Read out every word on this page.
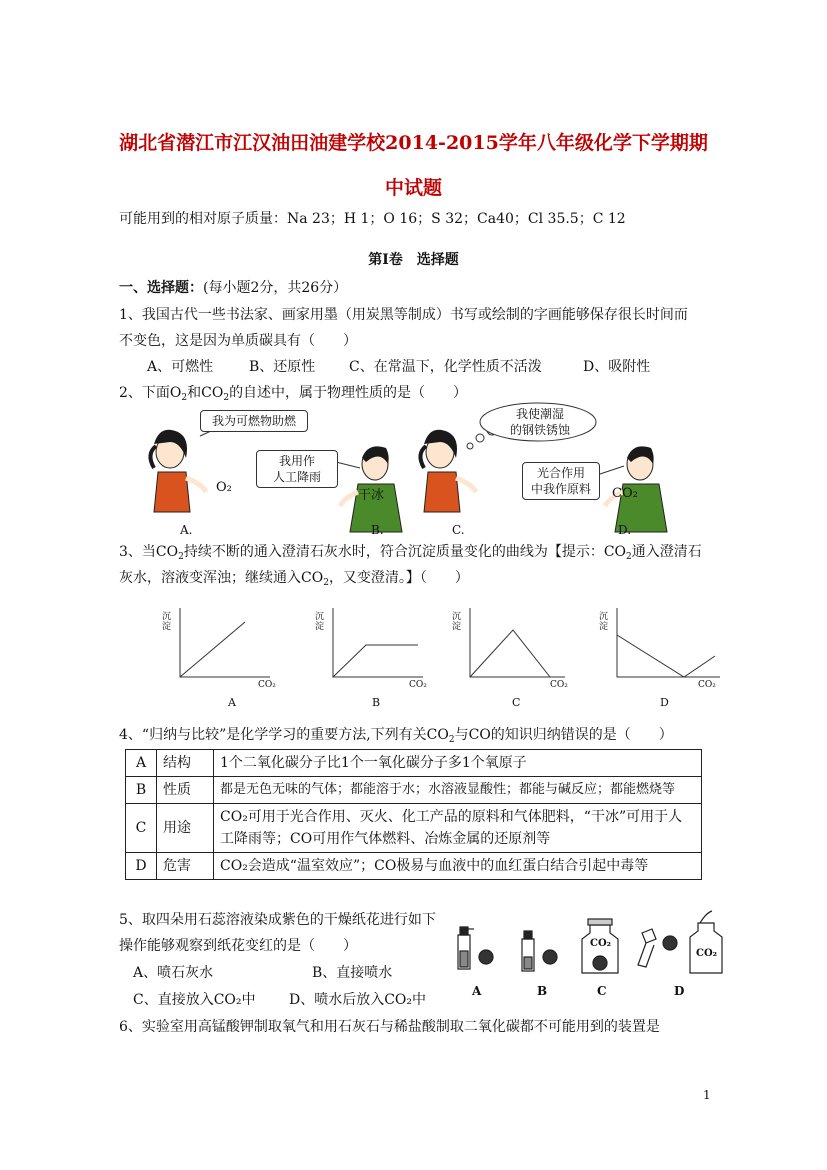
湖北省潜江市江汉油田油建学校2014-2015学年八年级化学下学期期
中试题
可能用到的相对原子质量：Na 23；H 1；O 16；S 32；Ca40；Cl 35.5；C 12
第Ⅰ卷　选择题
一、选择题：(每小题2分，共26分）
1、我国古代一些书法家、画家用墨（用炭黑等制成）书写或绘制的字画能够保存很长时间而
不变色，这是因为单质碳具有（　　）
A、可燃性	B、还原性 C、在常温下，化学性质不活泼	D、吸附性
2、下面$O_2$和$CO_2$的自述中，属于物理性质的是（　　）
我为可燃物助燃
我用作
人工降雨
我使潮湿
的钢铁锈蚀
光合作用
中我作原料
O₂
干冰	CO₂
A.	B.	C.	D.
3、当$CO_2$持续不断的通入澄清石灰水时，符合沉淀质量变化的曲线为【提示：$CO_2$通入澄清石
灰水，溶液变浑浊；继续通入$CO_2$，又变澄清。】（　　）
沉
淀
沉
淀
沉
淀
沉
淀
CO₂	CO₂	CO₂	CO₂
A	B	C	D
4、“归纳与比较”是化学学习的重要方法,下列有关$CO_2$与CO的知识归纳错误的是（　　）
A	结构	1个二氧化碳分子比1个一氧化碳分子多1个氧原子
B	性质	都是无色无味的气体；都能溶于水；水溶液显酸性；都能与碱反应；都能燃烧等
C	用途	CO₂可用于光合作用、灭火、化工产品的原料和气体肥料，“干冰”可用于人工降雨等；CO可用作气体燃料、冶炼金属的还原剂等
D	危害	CO₂会造成“温室效应”；CO极易与血液中的血红蛋白结合引起中毒等
5、取四朵用石蕊溶液染成紫色的干燥纸花进行如下
操作能够观察到纸花变红的是（　　）
A、喷石灰水	B、直接喷水
C、直接放入CO₂中 D、喷水后放入CO₂中
CO₂
CO₂
A	B	C	D
6、实验室用高锰酸钾制取氧气和用石灰石与稀盐酸制取二氧化碳都不可能用到的装置是
1
